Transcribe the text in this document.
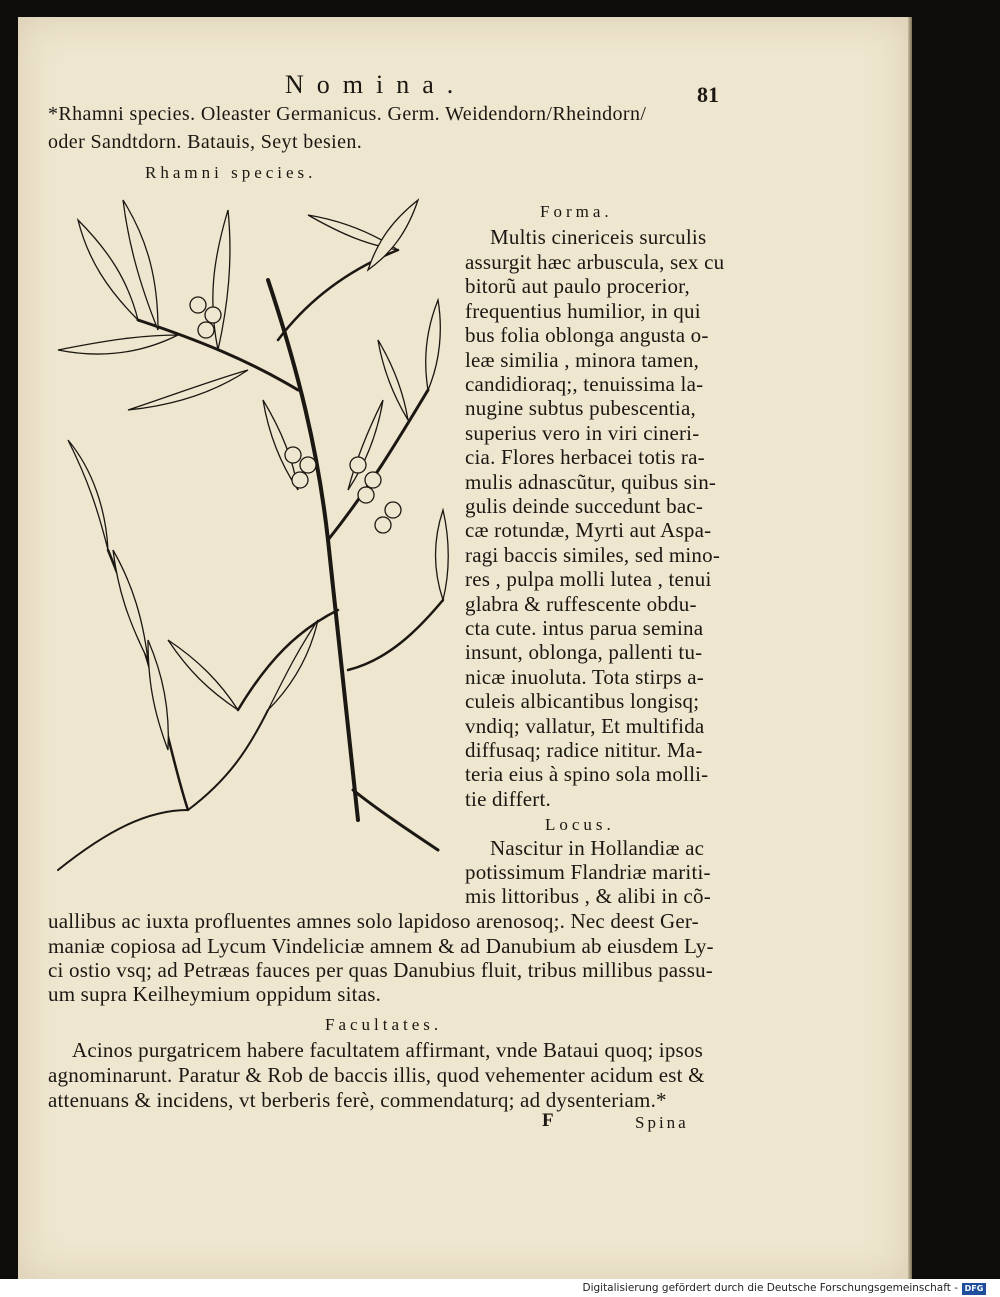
Nomina.	81
*Rhamni species. Oleaster Germanicus. Germ. Weidendorn/Rheindorn/
oder Sandtdorn. Batauis, Seyt besien.
Rhamni species.
Forma.
Multis cinericeis surculis
assurgit hæc arbuscula, sex cu
bitorũ aut paulo procerior,
frequentius humilior, in qui
bus folia oblonga angusta o-
leæ similia , minora tamen,
candidioraq;, tenuissima la-
nugine subtus pubescentia,
superius vero in viri cineri-
cia. Flores herbacei totis ra-
mulis adnascũtur, quibus sin-
gulis deinde succedunt bac-
cæ rotundæ, Myrti aut Aspa-
ragi baccis similes, sed mino-
res , pulpa molli lutea , tenui
glabra & ruffescente obdu-
cta cute. intus parua semina
insunt, oblonga, pallenti tu-
nicæ inuoluta. Tota stirps a-
culeis albicantibus longisq;
vndiq; vallatur, Et multifida
diffusaq; radice nititur. Ma-
teria eius à spino sola molli-
tie differt.
Locus.
Nascitur in Hollandiæ ac
potissimum Flandriæ mariti-
mis littoribus , & alibi in cõ-
uallibus ac iuxta profluentes amnes solo lapidoso arenosoq;. Nec deest Ger-
maniæ copiosa ad Lycum Vindeliciæ amnem & ad Danubium ab eiusdem Ly-
ci ostio vsq; ad Petræas fauces per quas Danubius fluit, tribus millibus passu-
um supra Keilheymium oppidum sitas.
Facultates.
Acinos purgatricem habere facultatem affirmant, vnde Bataui quoq; ipsos
agnominarunt. Paratur & Rob de baccis illis, quod vehementer acidum est &
attenuans & incidens, vt berberis ferè, commendaturq; ad dysenteriam.*
F	Spina
Digitalisierung gefördert durch die Deutsche Forschungsgemeinschaft - DFG
